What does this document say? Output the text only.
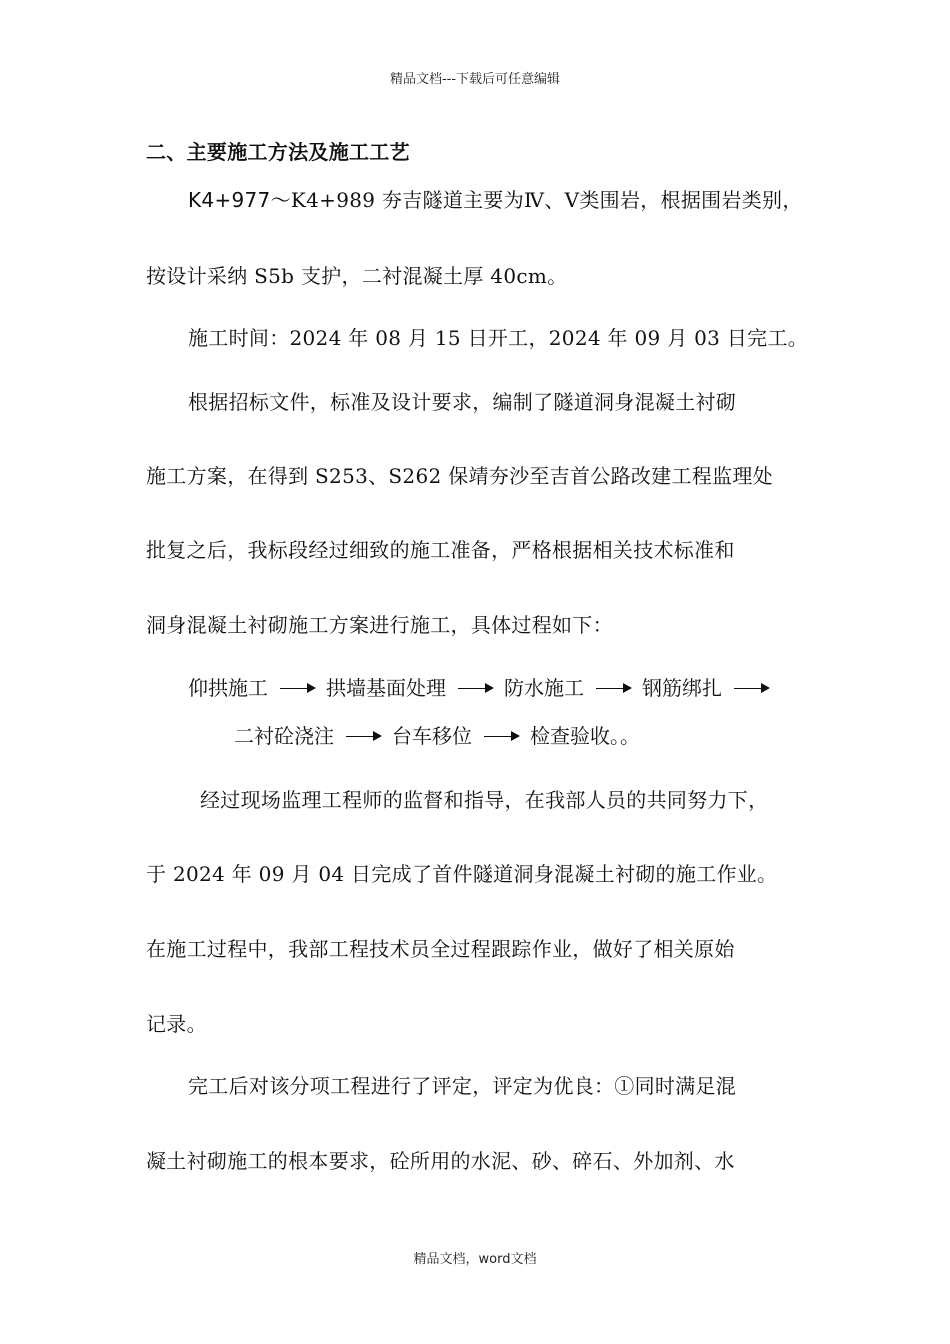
精品文档---下载后可任意编辑
二、主要施工方法及施工工艺
K4+977～K4+989 夯吉隧道主要为Ⅳ、Ⅴ类围岩，根据围岩类别，
按设计采纳 S5b 支护，二衬混凝土厚 40cm。
施工时间：2024 年 08 月 15 日开工，2024 年 09 月 03 日完工。
根据招标文件，标准及设计要求，编制了隧道洞身混凝土衬砌
施工方案，在得到 S253、S262 保靖夯沙至吉首公路改建工程监理处
批复之后，我标段经过细致的施工准备，严格根据相关技术标准和
洞身混凝土衬砌施工方案进行施工，具体过程如下：
仰拱施工	拱墙基面处理	防水施工	钢筋绑扎
二衬砼浇注	台车移位	检查验收。。
经过现场监理工程师的监督和指导，在我部人员的共同努力下，
于 2024 年 09 月 04 日完成了首件隧道洞身混凝土衬砌的施工作业。
在施工过程中，我部工程技术员全过程跟踪作业，做好了相关原始
记录。
完工后对该分项工程进行了评定，评定为优良：①同时满足混
凝土衬砌施工的根本要求，砼所用的水泥、砂、碎石、外加剂、水
精品文档，word文档
